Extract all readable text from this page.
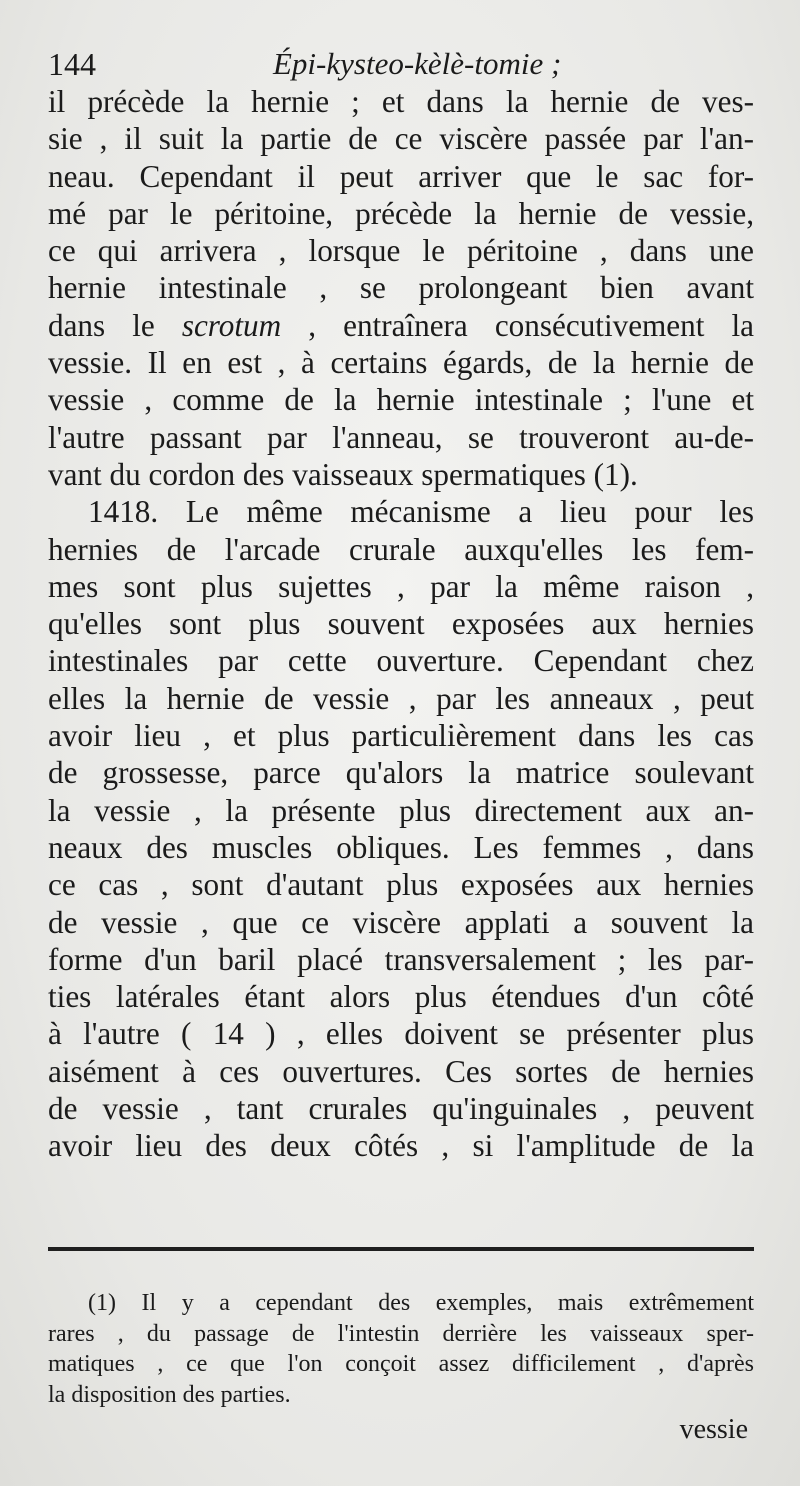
144	Épi-kysteo-kèlè-tomie ;
il précède la hernie ; et dans la hernie de ves-
sie , il suit la partie de ce viscère passée par l'an-
neau. Cependant il peut arriver que le sac for-
mé par le péritoine, précède la hernie de vessie,
ce qui arrivera , lorsque le péritoine , dans une
hernie intestinale , se prolongeant bien avant
dans le scrotum , entraînera consécutivement la
vessie. Il en est , à certains égards, de la hernie de
vessie , comme de la hernie intestinale ; l'une et
l'autre passant par l'anneau, se trouveront au-de-
vant du cordon des vaisseaux spermatiques (1).
1418. Le même mécanisme a lieu pour les
hernies de l'arcade crurale auxqu'elles les fem-
mes sont plus sujettes , par la même raison ,
qu'elles sont plus souvent exposées aux hernies
intestinales par cette ouverture. Cependant chez
elles la hernie de vessie , par les anneaux , peut
avoir lieu , et plus particulièrement dans les cas
de grossesse, parce qu'alors la matrice soulevant
la vessie , la présente plus directement aux an-
neaux des muscles obliques. Les femmes , dans
ce cas , sont d'autant plus exposées aux hernies
de vessie , que ce viscère applati a souvent la
forme d'un baril placé transversalement ; les par-
ties latérales étant alors plus étendues d'un côté
à l'autre ( 14 ) , elles doivent se présenter plus
aisément à ces ouvertures. Ces sortes de hernies
de vessie , tant crurales qu'inguinales , peuvent
avoir lieu des deux côtés , si l'amplitude de la
(1) Il y a cependant des exemples, mais extrêmement
rares , du passage de l'intestin derrière les vaisseaux sper-
matiques , ce que l'on conçoit assez difficilement , d'après
la disposition des parties.
vessie
